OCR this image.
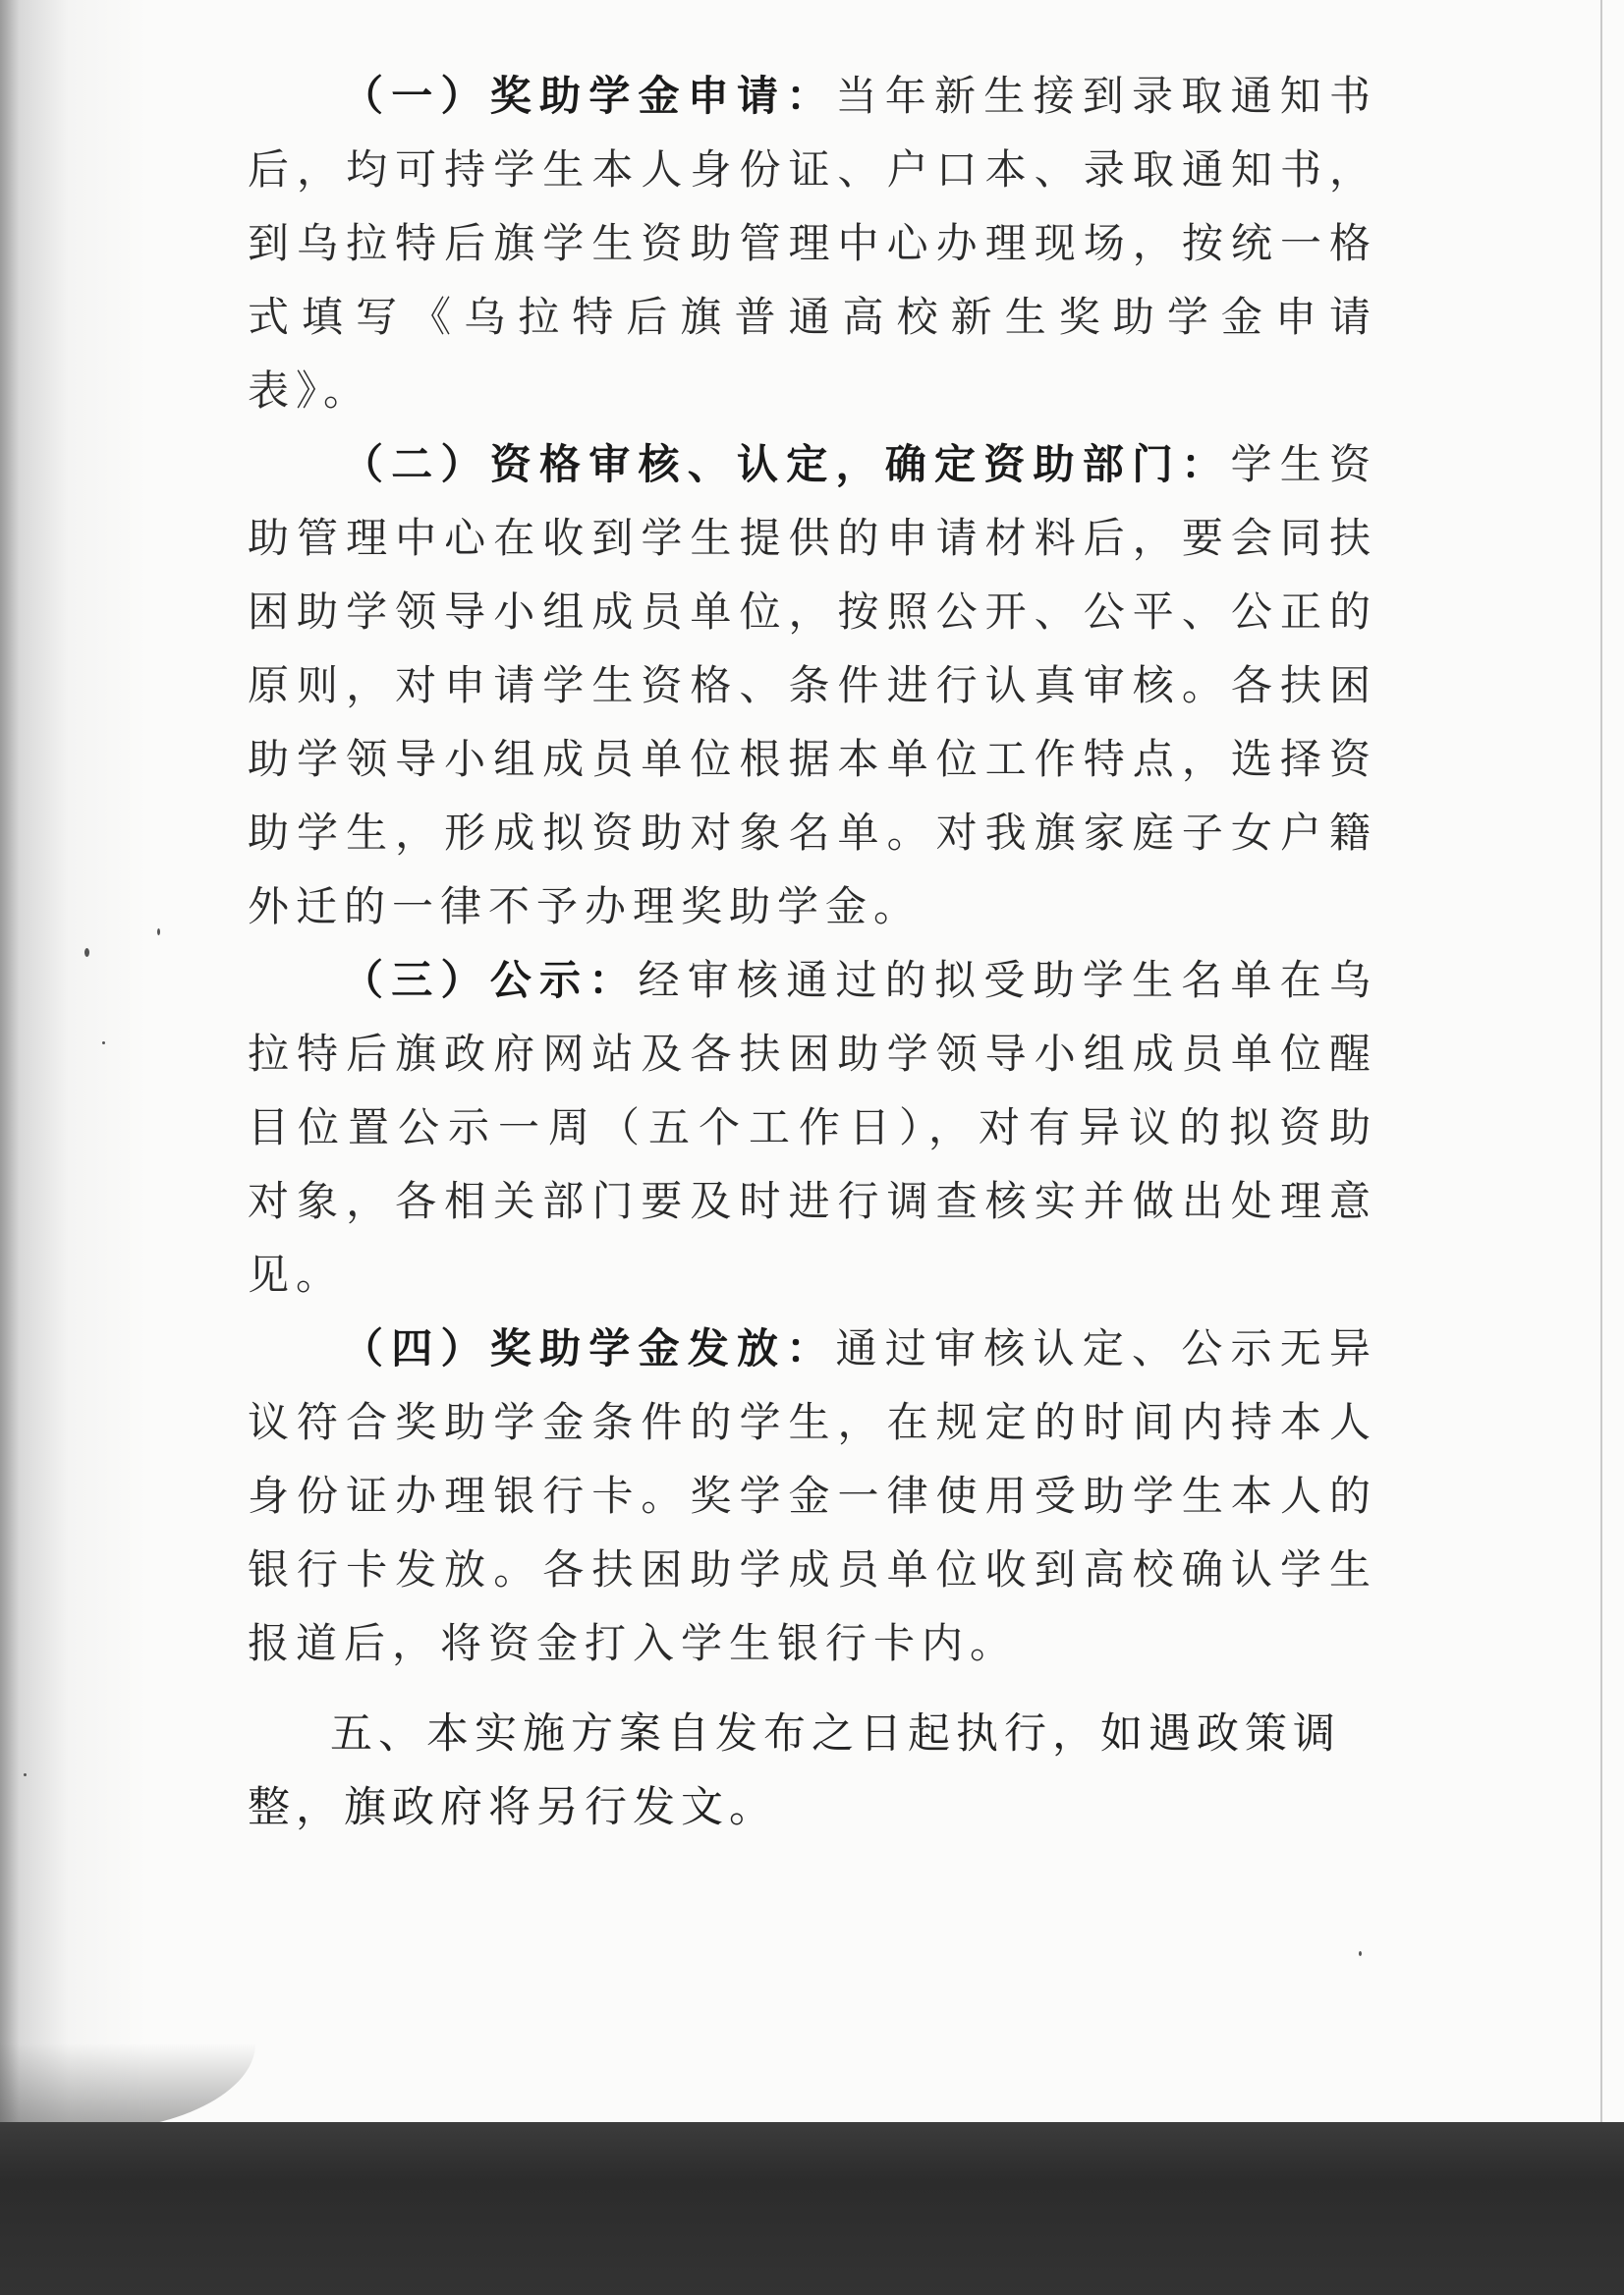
（一）奖助学金申请：当年新生接到录取通知书后，均可持学生本人身份证、户口本、录取通知书，到乌拉特后旗学生资助管理中心办理现场，按统一格式填写《乌拉特后旗普通高校新生奖助学金申请表》。

（二）资格审核、认定，确定资助部门：学生资助管理中心在收到学生提供的申请材料后，要会同扶困助学领导小组成员单位，按照公开、公平、公正的原则，对申请学生资格、条件进行认真审核。各扶困助学领导小组成员单位根据本单位工作特点，选择资助学生，形成拟资助对象名单。对我旗家庭子女户籍外迁的一律不予办理奖助学金。

（三）公示：经审核通过的拟受助学生名单在乌拉特后旗政府网站及各扶困助学领导小组成员单位醒目位置公示一周（五个工作日），对有异议的拟资助对象，各相关部门要及时进行调查核实并做出处理意见。

（四）奖助学金发放：通过审核认定、公示无异议符合奖助学金条件的学生，在规定的时间内持本人身份证办理银行卡。奖学金一律使用受助学生本人的银行卡发放。各扶困助学成员单位收到高校确认学生报道后，将资金打入学生银行卡内。

五、本实施方案自发布之日起执行，如遇政策调整，旗政府将另行发文。
